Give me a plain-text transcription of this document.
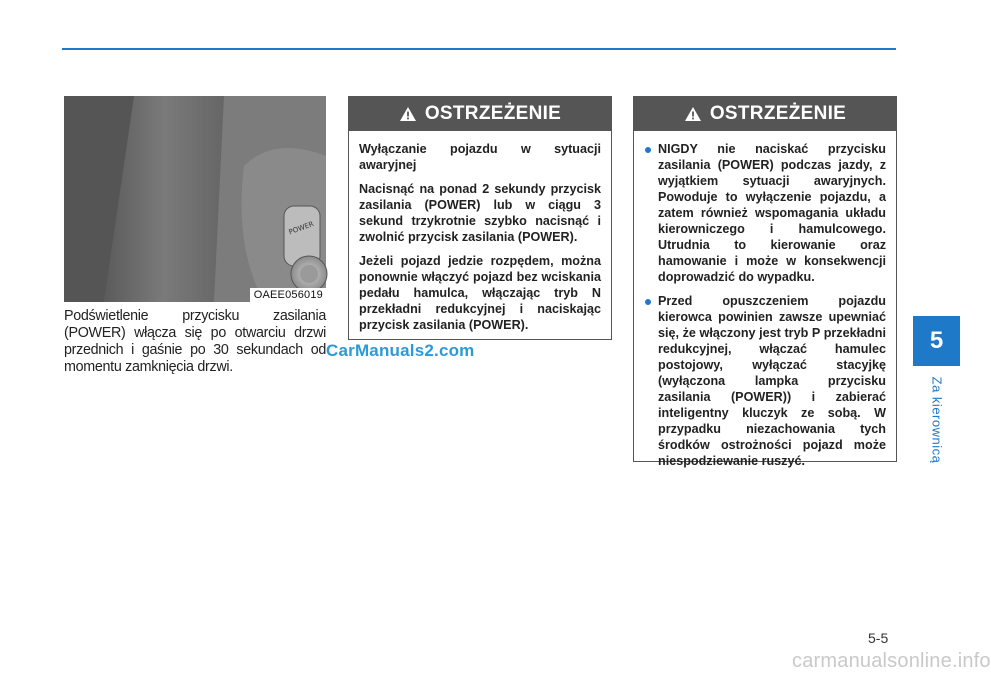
POWER
OAEE056019
Podświetlenie przycisku zasilania (POWER) włącza się po otwarciu drzwi przednich i gaśnie po 30 sekundach od momentu zamknięcia drzwi.
CarManuals2.com
OSTRZEŻENIE

Wyłączanie pojazdu w sytuacji awaryjnej

Nacisnąć na ponad 2 sekundy przycisk zasilania (POWER) lub w ciągu 3 sekund trzykrotnie szybko nacisnąć i zwolnić przycisk zasilania (POWER).

Jeżeli pojazd jedzie rozpędem, można ponownie włączyć pojazd bez wciskania pedału hamulca, włączając tryb N przekładni redukcyjnej i naciskając przycisk zasilania (POWER).

OSTRZEŻENIE
NIGDY nie naciskać przycisku zasilania (POWER) podczas jazdy, z wyjątkiem sytuacji awaryjnych. Powoduje to wyłączenie pojazdu, a zatem również wspomagania układu kierowniczego i hamulcowego. Utrudnia to kierowanie oraz hamowanie i może w konsekwencji doprowadzić do wypadku.
Przed opuszczeniem pojazdu kierowca powinien zawsze upewniać się, że włączony jest tryb P przekładni redukcyjnej, włączać hamulec postojowy, wyłączać stacyjkę (wyłączona lampka przycisku zasilania (POWER)) i zabierać inteligentny kluczyk ze sobą. W przypadku niezachowania tych środków ostrożności pojazd może niespodziewanie ruszyć.
5
Za kierownicą
5-5
carmanualsonline.info
